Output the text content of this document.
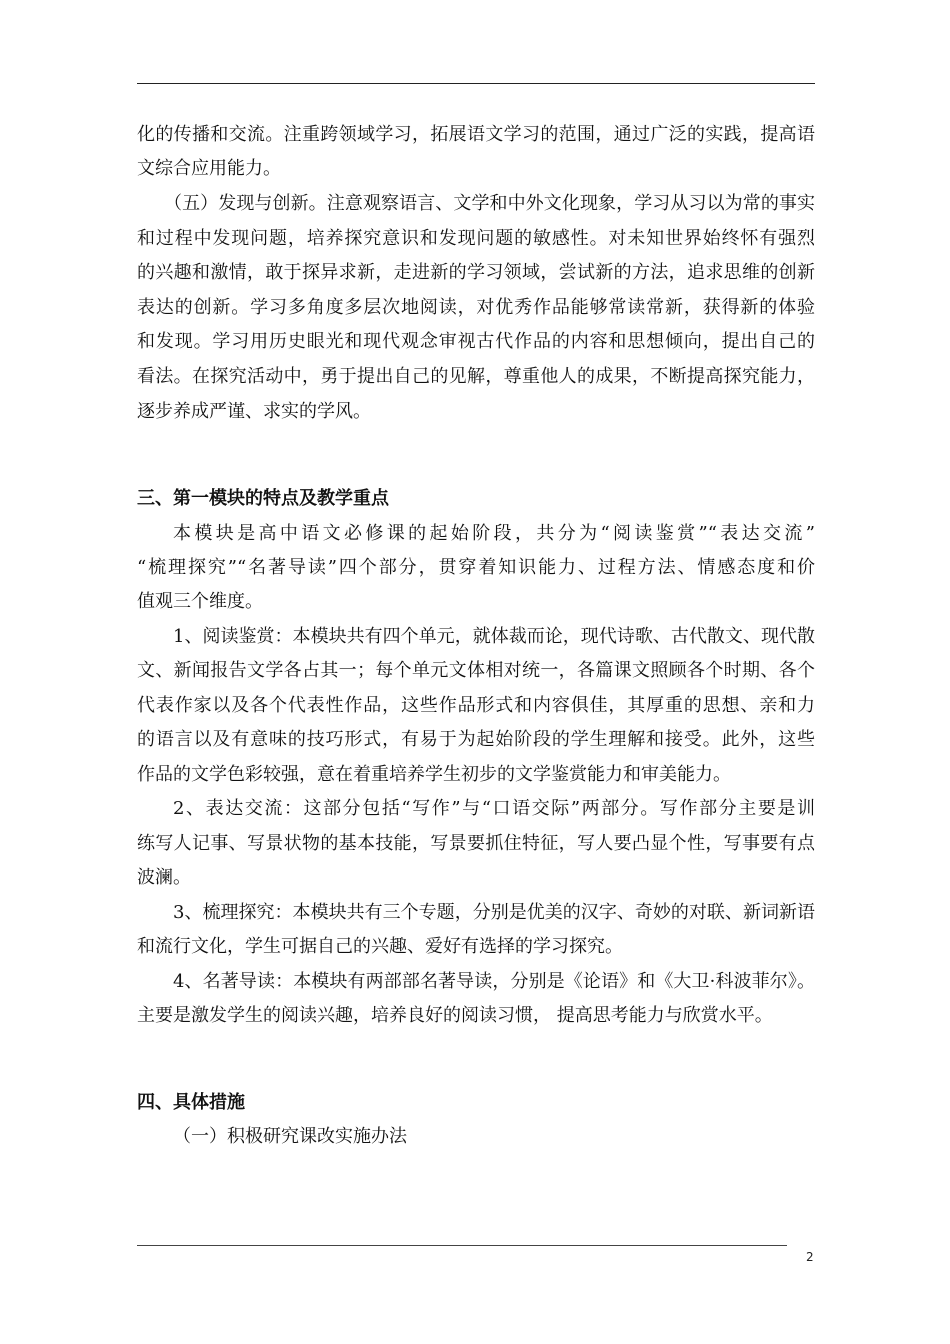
化的传播和交流。注重跨领域学习，拓展语文学习的范围，通过广泛的实践，提高语
文综合应用能力。
（五）发现与创新。注意观察语言、文学和中外文化现象，学习从习以为常的事实
和过程中发现问题，培养探究意识和发现问题的敏感性。对未知世界始终怀有强烈
的兴趣和激情，敢于探异求新，走进新的学习领域，尝试新的方法，追求思维的创新
表达的创新。学习多角度多层次地阅读，对优秀作品能够常读常新，获得新的体验
和发现。学习用历史眼光和现代观念审视古代作品的内容和思想倾向，提出自己的
看法。在探究活动中，勇于提出自己的见解，尊重他人的成果，不断提高探究能力，
逐步养成严谨、求实的学风。
三、第一模块的特点及教学重点
本模块是高中语文必修课的起始阶段，共分为“阅读鉴赏”“表达交流”
“梳理探究”“名著导读”四个部分，贯穿着知识能力、过程方法、情感态度和价
值观三个维度。
1、阅读鉴赏：本模块共有四个单元，就体裁而论，现代诗歌、古代散文、现代散
文、新闻报告文学各占其一；每个单元文体相对统一，各篇课文照顾各个时期、各个
代表作家以及各个代表性作品，这些作品形式和内容俱佳，其厚重的思想、亲和力
的语言以及有意味的技巧形式，有易于为起始阶段的学生理解和接受。此外，这些
作品的文学色彩较强，意在着重培养学生初步的文学鉴赏能力和审美能力。
2、表达交流：这部分包括“写作”与“口语交际”两部分。写作部分主要是训
练写人记事、写景状物的基本技能，写景要抓住特征，写人要凸显个性，写事要有点
波澜。
3、梳理探究：本模块共有三个专题，分别是优美的汉字、奇妙的对联、新词新语
和流行文化，学生可据自己的兴趣、爱好有选择的学习探究。
4、名著导读：本模块有两部部名著导读，分别是《论语》和《大卫·科波菲尔》。
主要是激发学生的阅读兴趣，培养良好的阅读习惯， 提高思考能力与欣赏水平。
四、具体措施
（一）积极研究课改实施办法
2
